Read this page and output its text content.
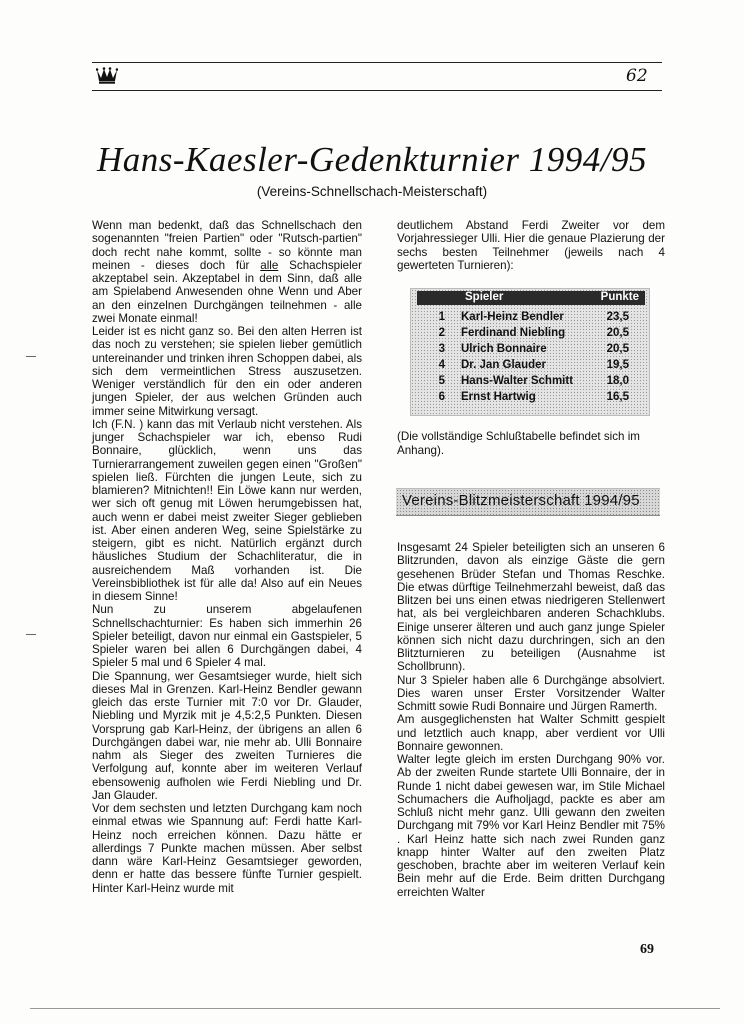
62
Hans-Kaesler-Gedenkturnier 1994/95
(Vereins-Schnellschach-Meisterschaft)

Wenn man bedenkt, daß das Schnellschach den sogenannten "freien Partien" oder "Rutsch-partien" doch recht nahe kommt, sollte - so könnte man meinen - dieses doch für alle Schachspieler akzeptabel sein. Akzeptabel in dem Sinn, daß alle am Spielabend Anwesenden ohne Wenn und Aber an den einzelnen Durchgängen teilnehmen - alle zwei Monate einmal!

Leider ist es nicht ganz so. Bei den alten Herren ist das noch zu verstehen; sie spielen lieber gemütlich untereinander und trinken ihren Schoppen dabei, als sich dem vermeintlichen Stress auszusetzen. Weniger verständlich für den ein oder anderen jungen Spieler, der aus welchen Gründen auch immer seine Mitwirkung versagt.

Ich (F.N. ) kann das mit Verlaub nicht verstehen. Als junger Schachspieler war ich, ebenso Rudi Bonnaire, glücklich, wenn uns das Turnierarrangement zuweilen gegen einen "Großen" spielen ließ. Fürchten die jungen Leute, sich zu blamieren? Mitnichten!! Ein Löwe kann nur werden, wer sich oft genug mit Löwen herumgebissen hat, auch wenn er dabei meist zweiter Sieger geblieben ist. Aber einen anderen Weg, seine Spielstärke zu steigern, gibt es nicht. Natürlich ergänzt durch häusliches Studium der Schachliteratur, die in ausreichendem Maß vorhanden ist. Die Vereinsbibliothek ist für alle da! Also auf ein Neues in diesem Sinne!

Nun zu unserem abgelaufenen Schnellschachturnier: Es haben sich immerhin 26 Spieler beteiligt, davon nur einmal ein Gastspieler, 5 Spieler waren bei allen 6 Durchgängen dabei, 4 Spieler 5 mal und 6 Spieler 4 mal.

Die Spannung, wer Gesamtsieger wurde, hielt sich dieses Mal in Grenzen. Karl-Heinz Bendler gewann gleich das erste Turnier mit 7:0 vor Dr. Glauder, Niebling und Myrzik mit je 4,5:2,5 Punkten. Diesen Vorsprung gab Karl-Heinz, der übrigens an allen 6 Durchgängen dabei war, nie mehr ab. Ulli Bonnaire nahm als Sieger des zweiten Turnieres die Verfolgung auf, konnte aber im weiteren Verlauf ebensowenig aufholen wie Ferdi Niebling und Dr. Jan Glauder.

Vor dem sechsten und letzten Durchgang kam noch einmal etwas wie Spannung auf: Ferdi hatte Karl-Heinz noch erreichen können. Dazu hätte er allerdings 7 Punkte machen müssen. Aber selbst dann wäre Karl-Heinz Gesamtsieger geworden, denn er hatte das bessere fünfte Turnier gespielt. Hinter Karl-Heinz wurde mit

deutlichem Abstand Ferdi Zweiter vor dem Vorjahressieger Ulli. Hier die genaue Plazierung der sechs besten Teilnehmer (jeweils nach 4 gewerteten Turnieren):

Spieler	Punkte
1 Karl-Heinz Bendler	23,5
2 Ferdinand Niebling	20,5
3 Ulrich Bonnaire	20,5
4 Dr. Jan Glauder	19,5
5 Hans-Walter Schmitt	18,0
6 Ernst Hartwig	16,5
(Die vollständige Schlußtabelle befindet sich im Anhang).
Vereins-Blitzmeisterschaft 1994/95

Insgesamt 24 Spieler beteiligten sich an unseren 6 Blitzrunden, davon als einzige Gäste die gern gesehenen Brüder Stefan und Thomas Reschke. Die etwas dürftige Teilnehmerzahl beweist, daß das Blitzen bei uns einen etwas niedrigeren Stellenwert hat, als bei vergleichbaren anderen Schachklubs. Einige unserer älteren und auch ganz junge Spieler können sich nicht dazu durchringen, sich an den Blitzturnieren zu beteiligen (Ausnahme ist Schollbrunn).

Nur 3 Spieler haben alle 6 Durchgänge absolviert. Dies waren unser Erster Vorsitzender Walter Schmitt sowie Rudi Bonnaire und Jürgen Ramerth.

Am ausgeglichensten hat Walter Schmitt gespielt und letztlich auch knapp, aber verdient vor Ulli Bonnaire gewonnen.

Walter legte gleich im ersten Durchgang 90% vor. Ab der zweiten Runde startete Ulli Bonnaire, der in Runde 1 nicht dabei gewesen war, im Stile Michael Schumachers die Aufholjagd, packte es aber am Schluß nicht mehr ganz. Ulli gewann den zweiten Durchgang mit 79% vor Karl Heinz Bendler mit 75% . Karl Heinz hatte sich nach zwei Runden ganz knapp hinter Walter auf den zweiten Platz geschoben, brachte aber im weiteren Verlauf kein Bein mehr auf die Erde. Beim dritten Durchgang erreichten Walter

69
